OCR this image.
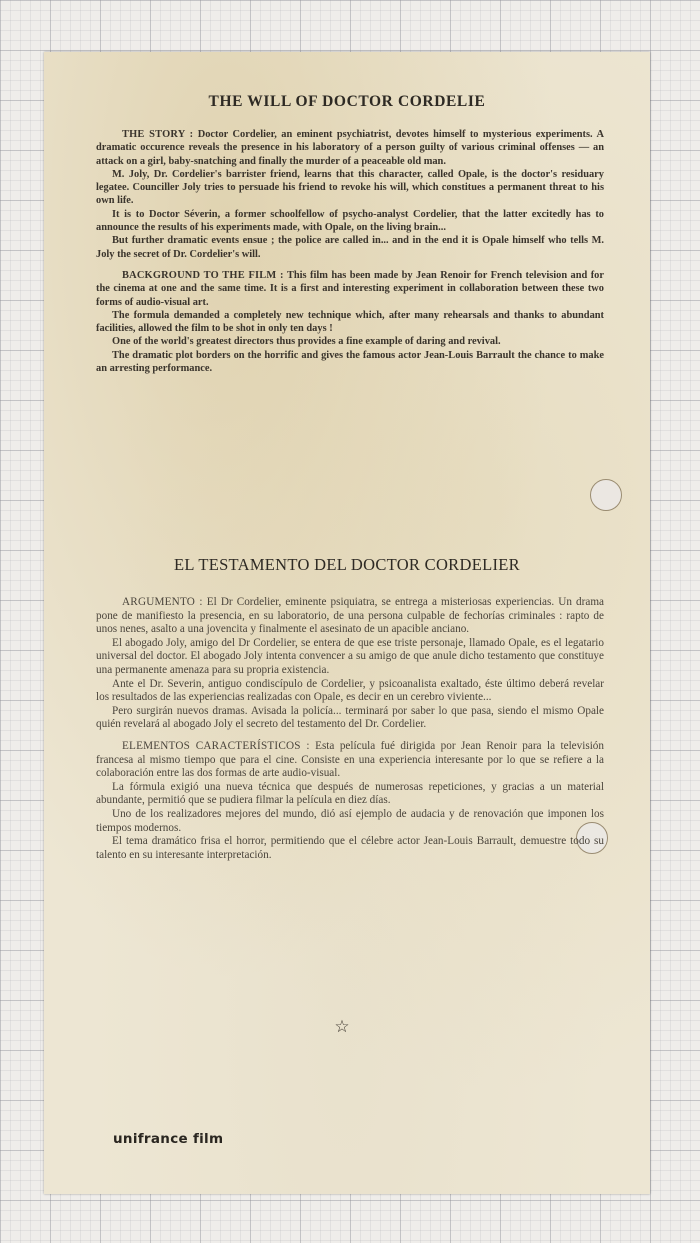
THE WILL OF DOCTOR CORDELIE

THE STORY : Doctor Cordelier, an eminent psychiatrist, devotes himself to mysterious experiments. A dramatic occurence reveals the presence in his laboratory of a person guilty of various criminal offenses — an attack on a girl, baby-snatching and finally the murder of a peaceable old man.

M. Joly, Dr. Cordelier's barrister friend, learns that this character, called Opale, is the doctor's residuary legatee. Counciller Joly tries to persuade his friend to revoke his will, which constitues a permanent threat to his own life.

It is to Doctor Séverin, a former schoolfellow of psycho-analyst Cordelier, that the latter excitedly has to announce the results of his experiments made, with Opale, on the living brain...

But further dramatic events ensue ; the police are called in... and in the end it is Opale himself who tells M. Joly the secret of Dr. Cordelier's will.

BACKGROUND TO THE FILM : This film has been made by Jean Renoir for French television and for the cinema at one and the same time. It is a first and interesting experiment in collaboration between these two forms of audio-visual art.

The formula demanded a completely new technique which, after many rehearsals and thanks to abundant facilities, allowed the film to be shot in only ten days !

One of the world's greatest directors thus provides a fine example of daring and revival.

The dramatic plot borders on the horrific and gives the famous actor Jean-Louis Barrault the chance to make an arresting performance.

EL TESTAMENTO DEL DOCTOR CORDELIER

ARGUMENTO : El Dr Cordelier, eminente psiquiatra, se entrega a misteriosas experiencias. Un drama pone de manifiesto la presencia, en su laboratorio, de una persona culpable de fechorías criminales : rapto de unos nenes, asalto a una jovencita y finalmente el asesinato de un apacible anciano.

El abogado Joly, amigo del Dr Cordelier, se entera de que ese triste personaje, llamado Opale, es el legatario universal del doctor. El abogado Joly intenta convencer a su amigo de que anule dicho testamento que constituye una permanente amenaza para su propria existencia.

Ante el Dr. Severin, antiguo condiscípulo de Cordelier, y psicoanalista exaltado, éste último deberá revelar los resultados de las experiencias realizadas con Opale, es decir en un cerebro viviente...

Pero surgirán nuevos dramas. Avisada la policía... terminará por saber lo que pasa, siendo el mismo Opale quién revelará al abogado Joly el secreto del testamento del Dr. Cordelier.

ELEMENTOS CARACTERÍSTICOS : Esta película fué dirigida por Jean Renoir para la televisión francesa al mismo tiempo que para el cine. Consiste en una experiencia interesante por lo que se refiere a la colaboración entre las dos formas de arte audio-visual.

La fórmula exigió una nueva técnica que después de numerosas repeticiones, y gracias a un material abundante, permitió que se pudiera filmar la película en diez días.

Uno de los realizadores mejores del mundo, dió así ejemplo de audacia y de renovación que imponen los tiempos modernos.

El tema dramático frisa el horror, permitiendo que el célebre actor Jean-Louis Barrault, demuestre todo su talento en su interesante interpretación.

☆
unifrance film
